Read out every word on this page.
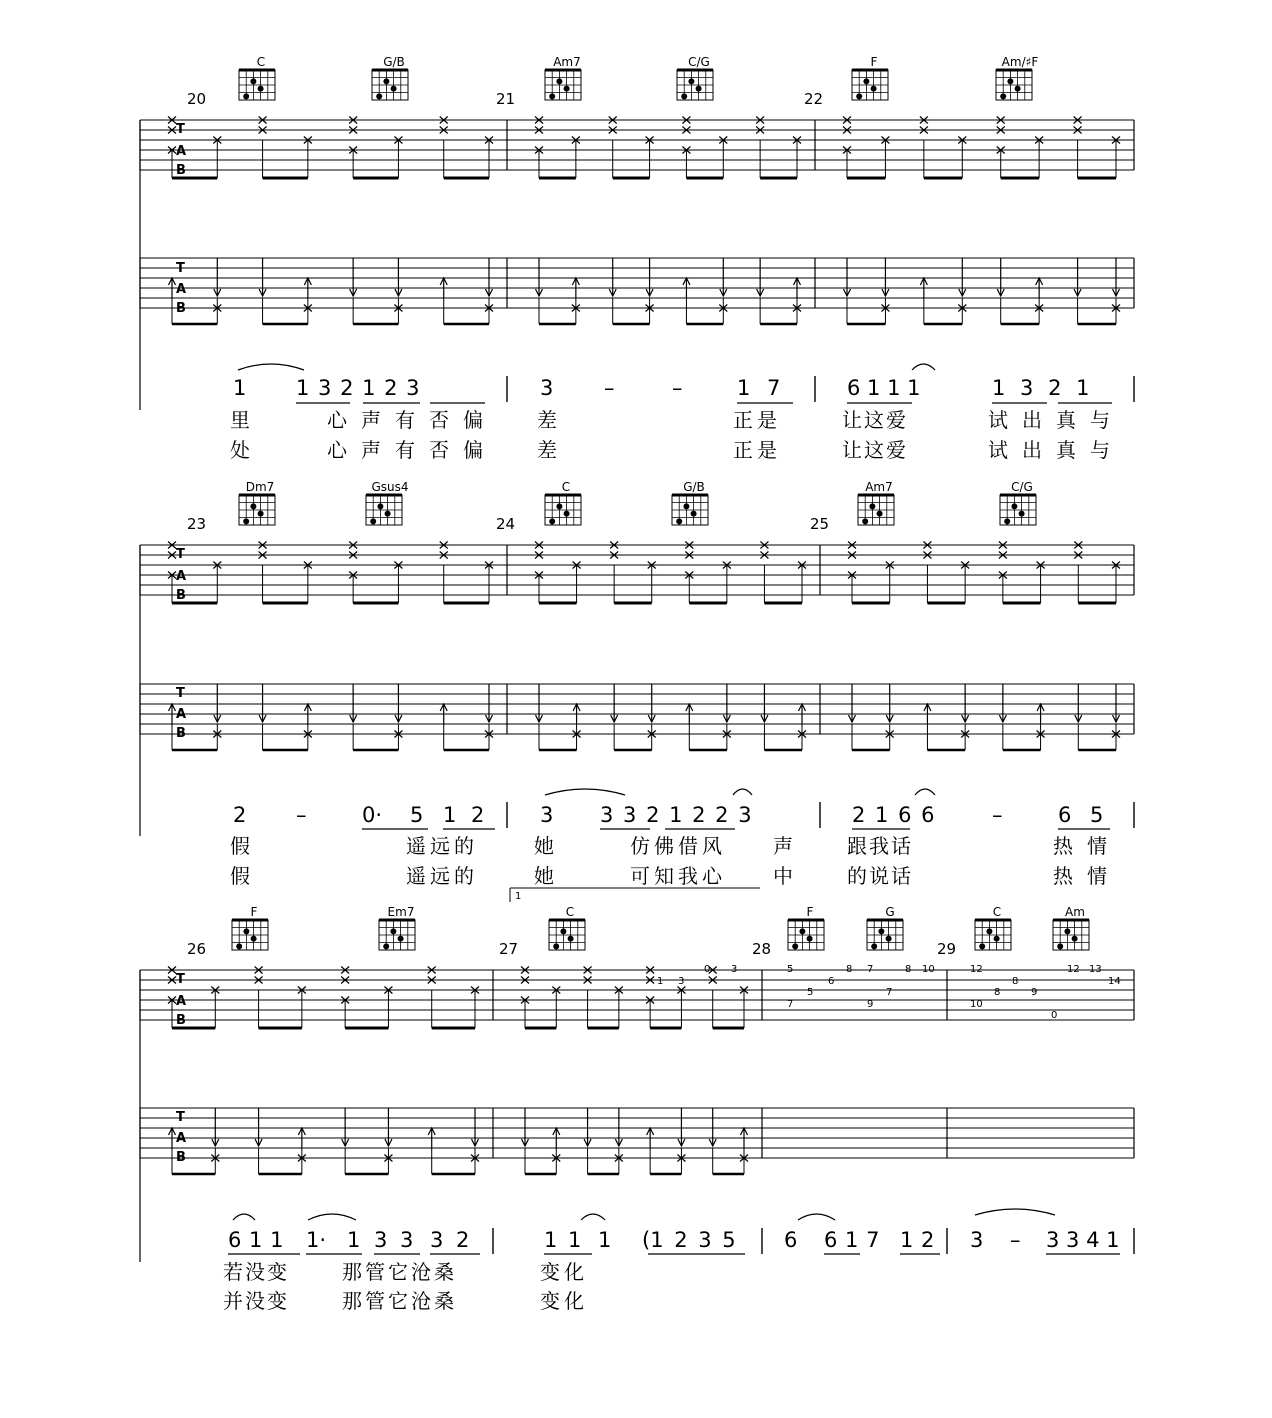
20	21	22
C	G/B	Am7	C/G	F	Am/♯F
T
A
B
T
A
B
1 1 3 2 1 2 3	3 –	–	1 7	6 1 1 1	1 3 2 1
里	心声有否偏 差	正是	让这爱	试出真与
处	心声有否偏 差	正是	让这爱	试出真与
23	24	25
Dm7	Gsus4	C	G/B	Am7	C/G
T
A
B
T
A
B
2 –	0· 5 1 2	3 3 3 2 1 2 2 3	2 1 6 6	–	6 5
假	遥远的	她	仿佛借风 声	跟我话	热情
假	遥远的	她	可知我心 中	的说话	热情
1
26	27	28	29
F	Em7	C	F	G	C	Am
T
A
B
T
A
B
1 3
0 3	5
6
8 7	8 10	12	12 13
7
5
9
7
8
9
14
10
0
8
6 1 1 1· 1 3 3 3 2	1 1 1 (1 2 3 5 6 6 1 7 1 2 3 – 3 3 4 1
若没变	那管它沧桑	变化
并没变	那管它沧桑	变化
